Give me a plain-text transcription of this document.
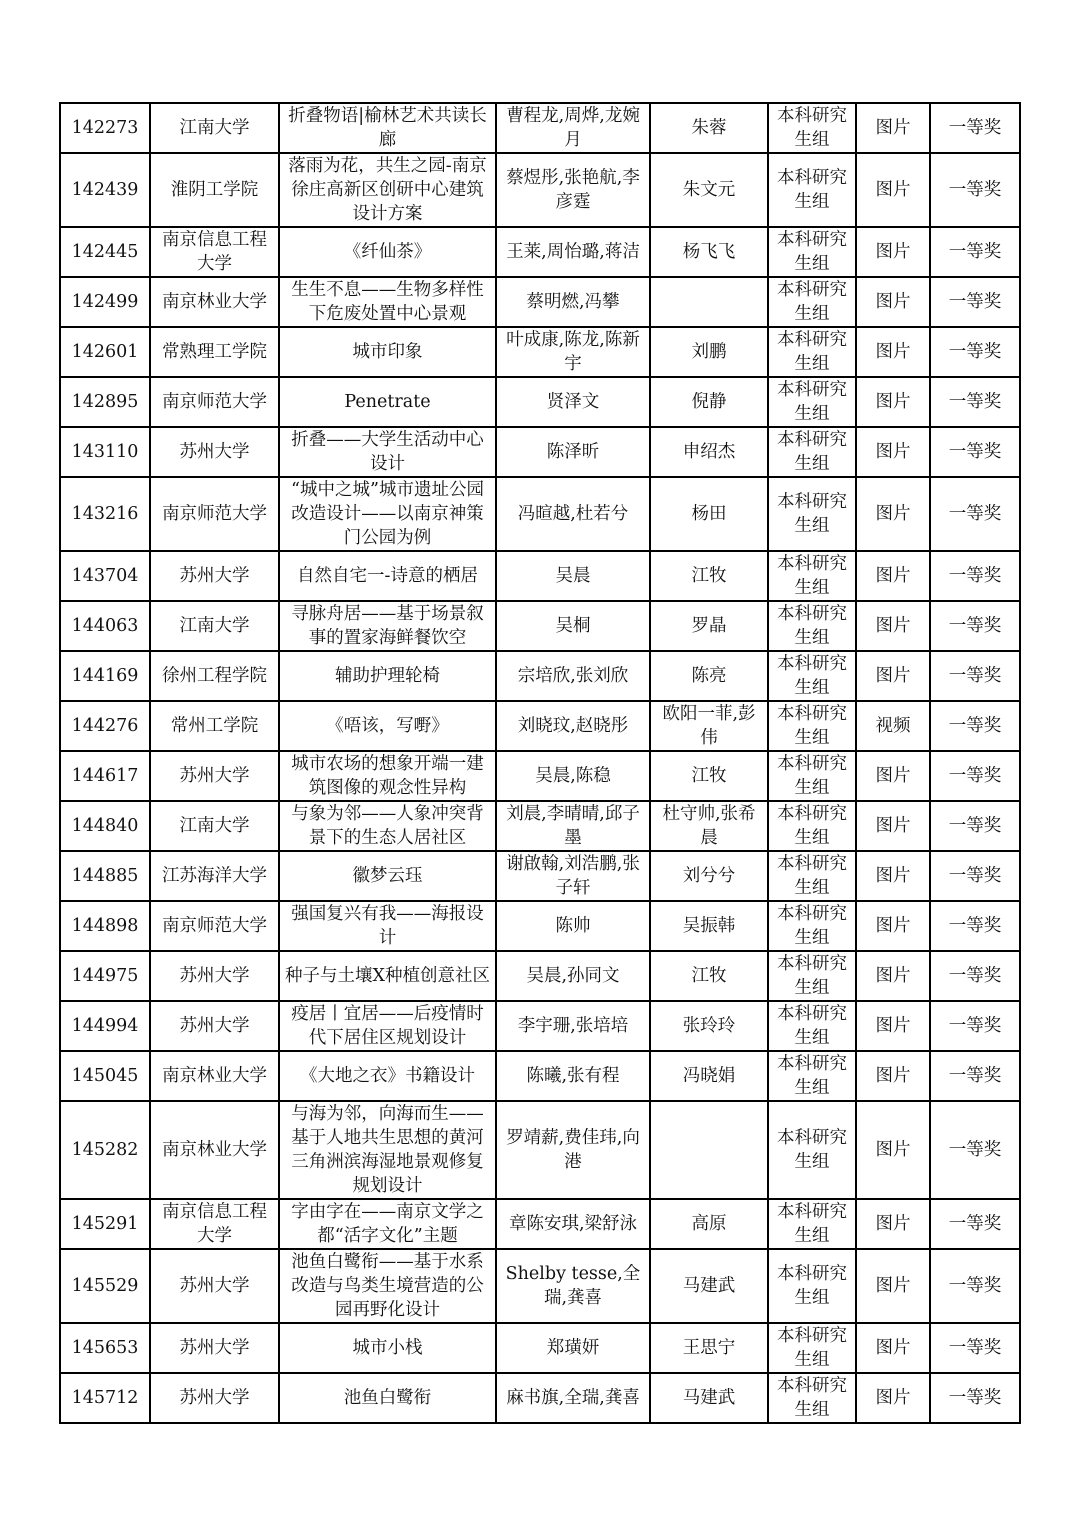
142273	江南大学	折叠物语|榆林艺术共读长廊	曹程龙,周烨,龙婉月	朱蓉	本科研究生组	图片	一等奖
142439	淮阴工学院	落雨为花，共生之园-南京徐庄高新区创研中心建筑设计方案	蔡煜彤,张艳航,李彦霆	朱文元	本科研究生组	图片	一等奖
142445	南京信息工程大学	《纤仙茶》	王莱,周怡璐,蒋洁	杨飞飞	本科研究生组	图片	一等奖
142499	南京林业大学	生生不息——生物多样性下危废处置中心景观	蔡明燃,冯攀		本科研究生组	图片	一等奖
142601	常熟理工学院	城市印象	叶成康,陈龙,陈新宇	刘鹏	本科研究生组	图片	一等奖
142895	南京师范大学	Penetrate	贤泽文	倪静	本科研究生组	图片	一等奖
143110	苏州大学	折叠——大学生活动中心设计	陈泽昕	申绍杰	本科研究生组	图片	一等奖
143216	南京师范大学	“城中之城”城市遗址公园改造设计——以南京神策门公园为例	冯暄越,杜若兮	杨田	本科研究生组	图片	一等奖
143704	苏州大学	自然自宅一-诗意的栖居	吴晨	江牧	本科研究生组	图片	一等奖
144063	江南大学	寻脉舟居——基于场景叙事的置家海鲜餐饮空	吴桐	罗晶	本科研究生组	图片	一等奖
144169	徐州工程学院	辅助护理轮椅	宗培欣,张刘欣	陈亮	本科研究生组	图片	一等奖
144276	常州工学院	《唔该，写嘢》	刘晓玟,赵晓彤	欧阳一菲,彭伟	本科研究生组	视频	一等奖
144617	苏州大学	城市农场的想象开端一建筑图像的观念性异构	吴晨,陈稳	江牧	本科研究生组	图片	一等奖
144840	江南大学	与象为邻——人象冲突背景下的生态人居社区	刘晨,李晴晴,邱子墨	杜守帅,张希晨	本科研究生组	图片	一等奖
144885	江苏海洋大学	徽梦云珏	谢啟翰,刘浩鹏,张子轩	刘兮兮	本科研究生组	图片	一等奖
144898	南京师范大学	强国复兴有我——海报设计	陈帅	吴振韩	本科研究生组	图片	一等奖
144975	苏州大学	种子与土壤X种植创意社区	吴晨,孙同文	江牧	本科研究生组	图片	一等奖
144994	苏州大学	疫居丨宜居——后疫情时代下居住区规划设计	李宇珊,张培培	张玲玲	本科研究生组	图片	一等奖
145045	南京林业大学	《大地之衣》书籍设计	陈曦,张有程	冯晓娟	本科研究生组	图片	一等奖
145282	南京林业大学	与海为邻，向海而生——基于人地共生思想的黄河三角洲滨海湿地景观修复规划设计	罗靖薪,费佳玮,向港		本科研究生组	图片	一等奖
145291	南京信息工程大学	字由字在——南京文学之都“活字文化”主题	章陈安琪,梁舒泳	高原	本科研究生组	图片	一等奖
145529	苏州大学	池鱼白鹭衔——基于水系改造与鸟类生境营造的公园再野化设计	Shelby tesse,全瑞,龚喜	马建武	本科研究生组	图片	一等奖
145653	苏州大学	城市小栈	郑璜妍	王思宁	本科研究生组	图片	一等奖
145712	苏州大学	池鱼白鹭衔	麻书旗,全瑞,龚喜	马建武	本科研究生组	图片	一等奖
